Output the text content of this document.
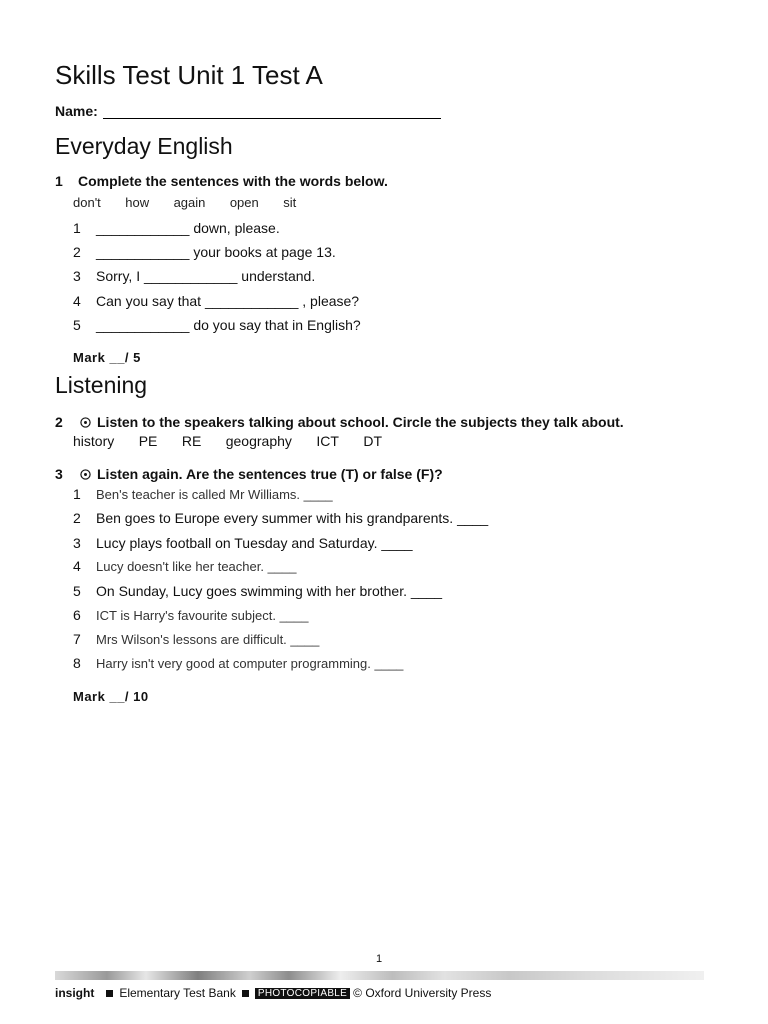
Skills Test Unit 1 Test A
Name:
Everyday English
1 Complete the sentences with the words below.
don't how again open sit
1 ____________ down, please.
2 ____________ your books at page 13.
3 Sorry, I ____________ understand.
4 Can you say that ____________ , please?
5 ____________ do you say that in English?
Mark __/ 5
Listening
2	Listen to the speakers talking about school. Circle the subjects they talk about.
history PE RE geography ICT DT
3	Listen again. Are the sentences true (T) or false (F)?
1 Ben's teacher is called Mr Williams. ____
2 Ben goes to Europe every summer with his grandparents. ____
3 Lucy plays football on Tuesday and Saturday. ____
4 Lucy doesn't like her teacher. ____
5 On Sunday, Lucy goes swimming with her brother. ____
6 ICT is Harry's favourite subject. ____
7 Mrs Wilson's lessons are difficult. ____
8 Harry isn't very good at computer programming. ____
Mark __/ 10
1
insight Elementary Test Bank	PHOTOCOPIABLE © Oxford University Press
